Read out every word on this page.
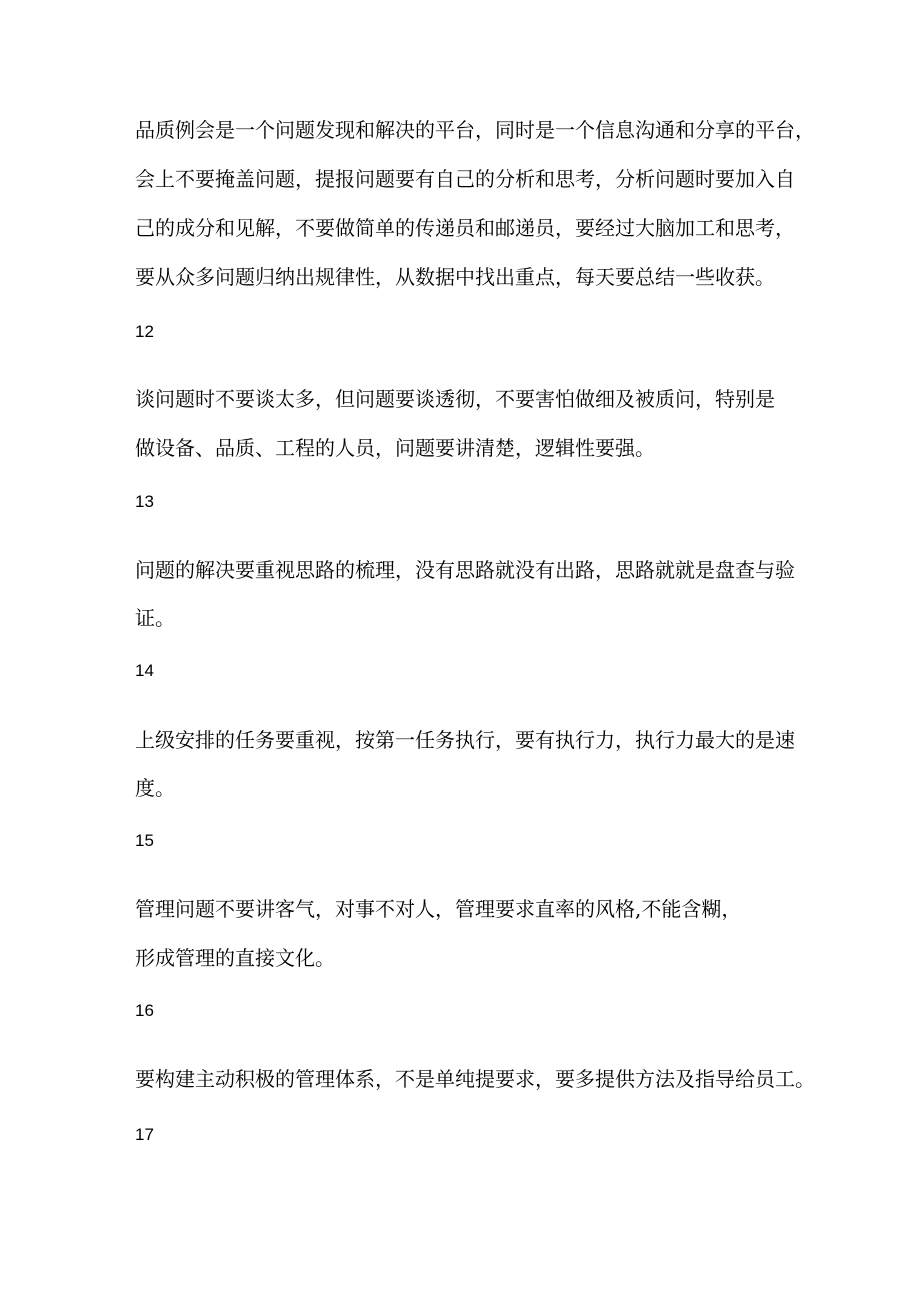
品质例会是一个问题发现和解决的平台，同时是一个信息沟通和分享的平台，

会上不要掩盖问题，提报问题要有自己的分析和思考，分析问题时要加入自

己的成分和见解，不要做简单的传递员和邮递员，要经过大脑加工和思考，

要从众多问题归纳出规律性，从数据中找出重点，每天要总结一些收获。

12

谈问题时不要谈太多，但问题要谈透彻，不要害怕做细及被质问，特别是

做设备、品质、工程的人员，问题要讲清楚，逻辑性要强。

13

问题的解决要重视思路的梳理，没有思路就没有出路，思路就就是盘查与验

证。

14

上级安排的任务要重视，按第一任务执行，要有执行力，执行力最大的是速

度。

15

管理问题不要讲客气，对事不对人，管理要求直率的风格,不能含糊，

形成管理的直接文化。

16

要构建主动积极的管理体系，不是单纯提要求，要多提供方法及指导给员工。

17
